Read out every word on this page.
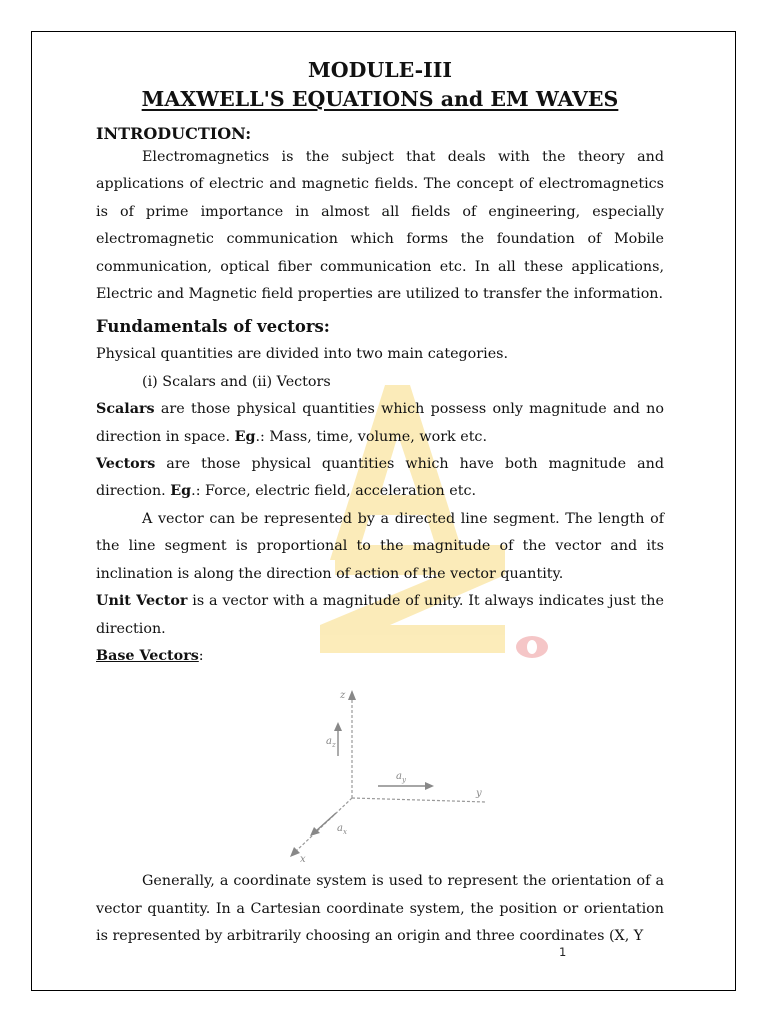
MODULE-III
MAXWELL'S EQUATIONS and EM WAVES
INTRODUCTION:

Electromagnetics is the subject that deals with the theory and applications of electric and magnetic fields. The concept of electromagnetics is of prime importance in almost all fields of engineering, especially electromagnetic communication which forms the foundation of Mobile communication, optical fiber communication etc. In all these applications, Electric and Magnetic field properties are utilized to transfer the information.

Fundamentals of vectors:

Physical quantities are divided into two main categories.

(i) Scalars and (ii) Vectors

Scalars are those physical quantities which possess only magnitude and no direction in space. Eg.: Mass, time, volume, work etc.

Vectors are those physical quantities which have both magnitude and direction. Eg.: Force, electric field, acceleration etc.

A vector can be represented by a directed line segment. The length of the line segment is proportional to the magnitude of the vector and its inclination is along the direction of action of the vector quantity.

Unit Vector is a vector with a magnitude of unity. It always indicates just the direction.

Base Vectors:

z
y
x
$a_z$
$a_y$
$a_x$

Generally, a coordinate system is used to represent the orientation of a vector quantity. In a Cartesian coordinate system, the position or orientation is represented by arbitrarily choosing an origin and three coordinates (X, Y

1
